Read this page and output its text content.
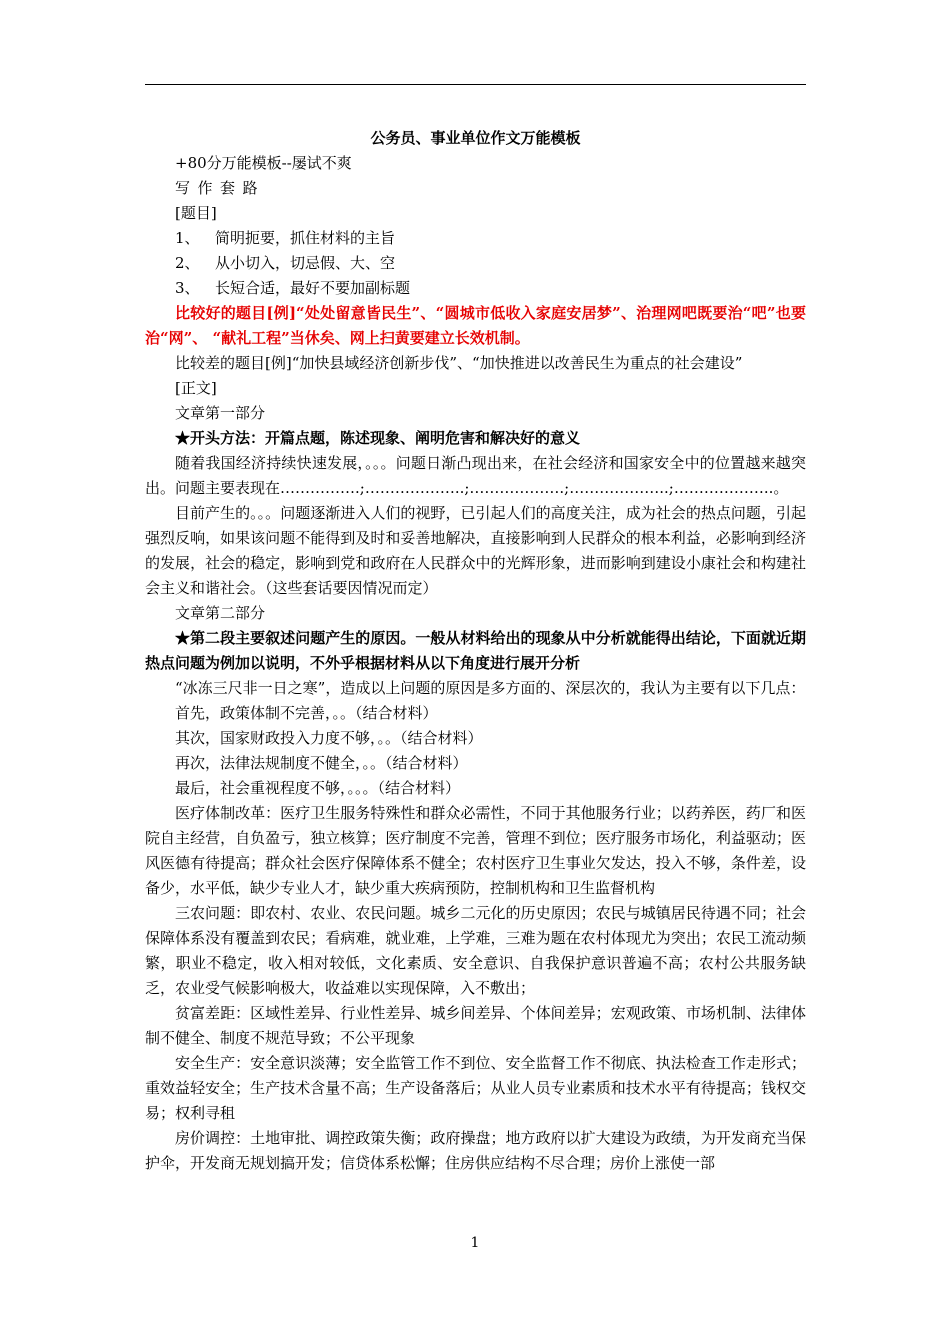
公务员、事业单位作文万能模板

+80分万能模板--屡试不爽

写作套路

[题目]

1、 简明扼要，抓住材料的主旨

2、 从小切入，切忌假、大、空

3、 长短合适，最好不要加副标题

比较好的题目[例]“处处留意皆民生”、“圆城市低收入家庭安居梦”、治理网吧既要治“吧”也要治“网”、 “献礼工程”当休矣、网上扫黄要建立长效机制。

比较差的题目[例]“加快县域经济创新步伐”、“加快推进以改善民生为重点的社会建设”

[正文]

文章第一部分

★开头方法：开篇点题，陈述现象、阐明危害和解决好的意义

随着我国经济持续快速发展，。。。问题日渐凸现出来，在社会经济和国家安全中的位置越来越突出。问题主要表现在…………….;………………..;……………….;………………..;………………..。

目前产生的。。。问题逐渐进入人们的视野，已引起人们的高度关注，成为社会的热点问题，引起强烈反响，如果该问题不能得到及时和妥善地解决，直接影响到人民群众的根本利益，必影响到经济的发展，社会的稳定，影响到党和政府在人民群众中的光辉形象，进而影响到建设小康社会和构建社会主义和谐社会。（这些套话要因情况而定）

文章第二部分

★第二段主要叙述问题产生的原因。一般从材料给出的现象从中分析就能得出结论，下面就近期热点问题为例加以说明，不外乎根据材料从以下角度进行展开分析

“冰冻三尺非一日之寒”，造成以上问题的原因是多方面的、深层次的，我认为主要有以下几点：

首先，政策体制不完善，。。（结合材料）

其次，国家财政投入力度不够，。。（结合材料）

再次，法律法规制度不健全，。。（结合材料）

最后，社会重视程度不够，。。。（结合材料）

医疗体制改革：医疗卫生服务特殊性和群众必需性，不同于其他服务行业；以药养医，药厂和医院自主经营，自负盈亏，独立核算；医疗制度不完善，管理不到位；医疗服务市场化，利益驱动；医风医德有待提高；群众社会医疗保障体系不健全；农村医疗卫生事业欠发达，投入不够，条件差，设备少，水平低，缺少专业人才，缺少重大疾病预防，控制机构和卫生监督机构

三农问题：即农村、农业、农民问题。城乡二元化的历史原因；农民与城镇居民待遇不同；社会保障体系没有覆盖到农民；看病难，就业难，上学难，三难为题在农村体现尤为突出；农民工流动频繁，职业不稳定，收入相对较低，文化素质、安全意识、自我保护意识普遍不高；农村公共服务缺乏，农业受气候影响极大，收益难以实现保障，入不敷出；

贫富差距：区域性差异、行业性差异、城乡间差异、个体间差异；宏观政策、市场机制、法律体制不健全、制度不规范导致；不公平现象

安全生产：安全意识淡薄；安全监管工作不到位、安全监督工作不彻底、执法检查工作走形式；重效益轻安全；生产技术含量不高；生产设备落后；从业人员专业素质和技术水平有待提高；钱权交易；权利寻租

房价调控：土地审批、调控政策失衡；政府操盘；地方政府以扩大建设为政绩，为开发商充当保护伞，开发商无规划搞开发；信贷体系松懈；住房供应结构不尽合理；房价上涨使一部

1
